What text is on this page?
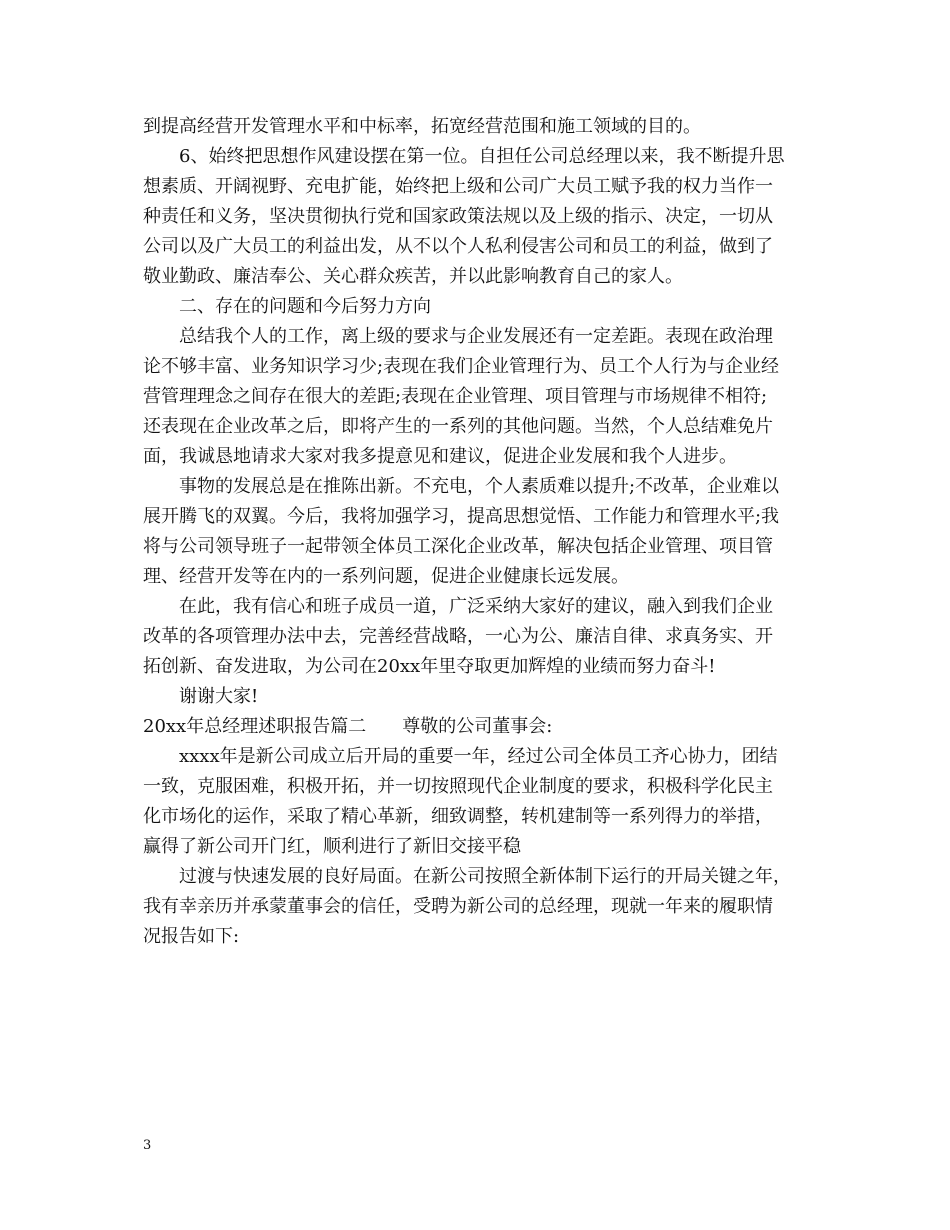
到提高经营开发管理水平和中标率，拓宽经营范围和施工领域的目的。
6、始终把思想作风建设摆在第一位。自担任公司总经理以来，我不断提升思
想素质、开阔视野、充电扩能，始终把上级和公司广大员工赋予我的权力当作一
种责任和义务，坚决贯彻执行党和国家政策法规以及上级的指示、决定，一切从
公司以及广大员工的利益出发，从不以个人私利侵害公司和员工的利益，做到了
敬业勤政、廉洁奉公、关心群众疾苦，并以此影响教育自己的家人。
二、存在的问题和今后努力方向
总结我个人的工作，离上级的要求与企业发展还有一定差距。表现在政治理
论不够丰富、业务知识学习少;表现在我们企业管理行为、员工个人行为与企业经
营管理理念之间存在很大的差距;表现在企业管理、项目管理与市场规律不相符;
还表现在企业改革之后，即将产生的一系列的其他问题。当然，个人总结难免片
面，我诚恳地请求大家对我多提意见和建议，促进企业发展和我个人进步。
事物的发展总是在推陈出新。不充电，个人素质难以提升;不改革，企业难以
展开腾飞的双翼。今后，我将加强学习，提高思想觉悟、工作能力和管理水平;我
将与公司领导班子一起带领全体员工深化企业改革，解决包括企业管理、项目管
理、经营开发等在内的一系列问题，促进企业健康长远发展。
在此，我有信心和班子成员一道，广泛采纳大家好的建议，融入到我们企业
改革的各项管理办法中去，完善经营战略，一心为公、廉洁自律、求真务实、开
拓创新、奋发进取，为公司在20xx年里夺取更加辉煌的业绩而努力奋斗!
谢谢大家!
20xx年总经理述职报告篇二　　尊敬的公司董事会:
xxxx年是新公司成立后开局的重要一年，经过公司全体员工齐心协力，团结
一致，克服困难，积极开拓，并一切按照现代企业制度的要求，积极科学化民主
化市场化的运作，采取了精心革新，细致调整，转机建制等一系列得力的举措，
赢得了新公司开门红，顺利进行了新旧交接平稳
过渡与快速发展的良好局面。在新公司按照全新体制下运行的开局关键之年，
我有幸亲历并承蒙董事会的信任，受聘为新公司的总经理，现就一年来的履职情
况报告如下:
3
